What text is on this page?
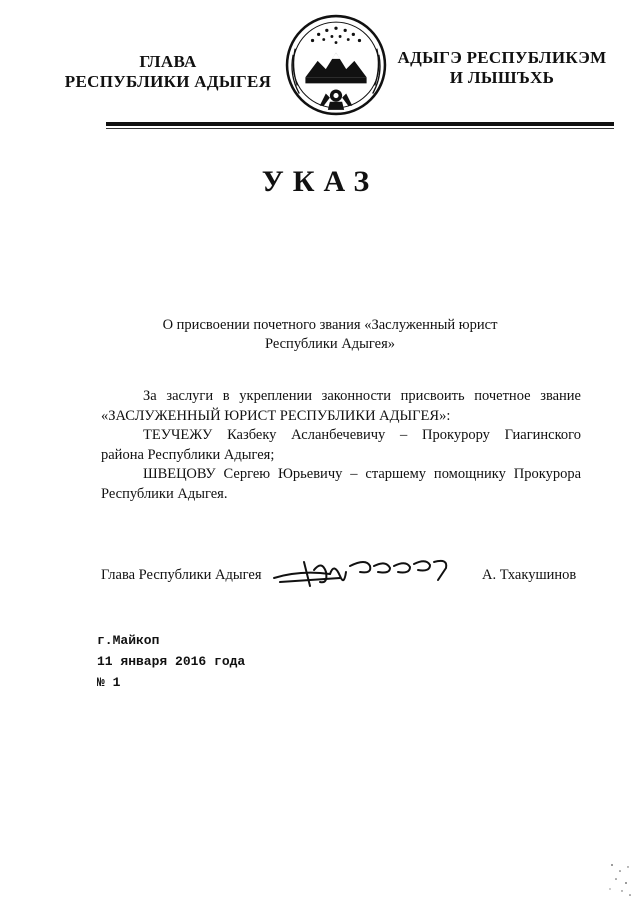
ГЛАВА
РЕСПУБЛИКИ АДЫГЕЯ
АДЫГЭ РЕСПУБЛИКЭМ
И ЛЫШЪХЬ
УКАЗ
О присвоении почетного звания «Заслуженный юрист
Республики Адыгея»

За заслуги в укреплении законности присвоить почетное звание

«ЗАСЛУЖЕННЫЙ ЮРИСТ РЕСПУБЛИКИ АДЫГЕЯ»:

ТЕУЧЕЖУ Казбеку Асланбечевичу – Прокурору Гиагинского

района Республики Адыгея;

ШВЕЦОВУ Сергею Юрьевичу – старшему помощнику Прокурора

Республики Адыгея.

Глава Республики Адыгея	А. Тхакушинов
г.Майкоп
11 января 2016 года
№ 1
